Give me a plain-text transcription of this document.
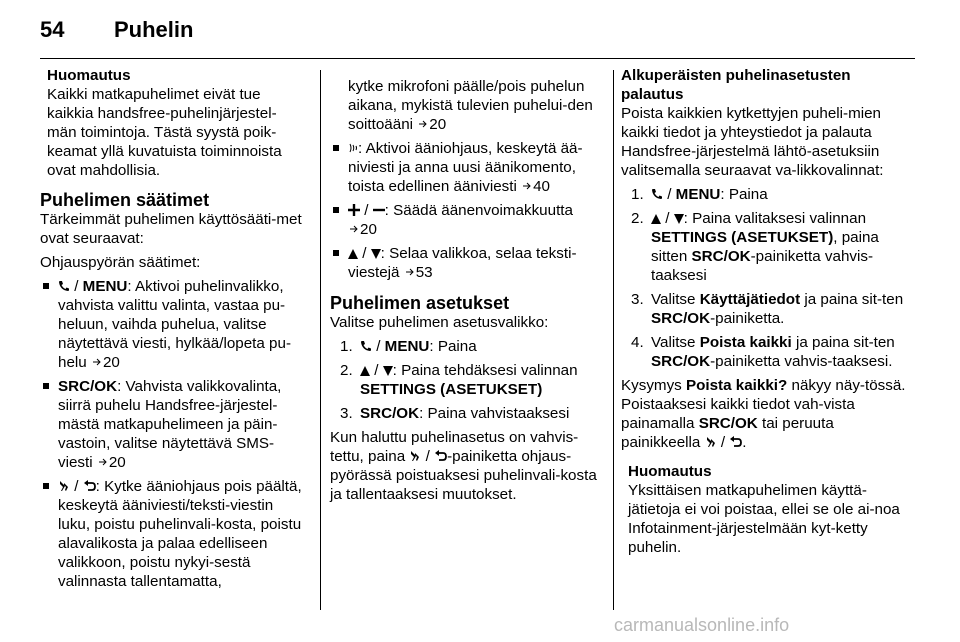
54 Puhelin
Huomautus
Kaikki matkapuhelimet eivät tue kaikkia handsfree-puhelinjärjestel-män toimintoja. Tästä syystä poik-keamat yllä kuvatuista toiminnoista ovat mahdollisia.
Puhelimen säätimet

Tärkeimmät puhelimen käyttösääti-met ovat seuraavat:

Ohjauspyörän säätimet:

/ MENU: Aktivoi puhelinvalikko, vahvista valittu valinta, vastaa pu-heluun, vaihda puhelua, valitse näytettävä viesti, hylkää/lopeta pu-helu 20
SRC/OK: Vahvista valikkovalinta, siirrä puhelu Handsfree-järjestel-mästä matkapuhelimeen ja päin-vastoin, valitse näytettävä SMS-viesti 20
/ : Kytke ääniohjaus pois päältä, keskeytä ääniviesti/teksti-viestin luku, poistu puhelinvali-kosta, poistu alavalikosta ja palaa edelliseen valikkoon, poistu nykyi-sestä valinnasta tallentamatta,
kytke mikrofoni päälle/pois puhelun aikana, mykistä tulevien puhelui-den soittoääni 20
: Aktivoi ääniohjaus, keskeytä ää-niviesti ja anna uusi äänikomento, toista edellinen ääniviesti 40
/ : Säädä äänenvoimakkuutta
20
/ : Selaa valikkoa, selaa teksti-viestejä 53
Puhelimen asetukset

Valitse puhelimen asetusvalikko:

1. / MENU: Paina
2. / : Paina tehdäksesi valinnan SETTINGS (ASETUKSET)
3. SRC/OK: Paina vahvistaaksesi

Kun haluttu puhelinasetus on vahvis-tettu, paina  / -painiketta ohjaus-pyörässä poistuaksesi puhelinvali-kosta ja tallentaaksesi muutokset.

Alkuperäisten puhelinasetusten palautus

Poista kaikkien kytkettyjen puheli-mien kaikki tiedot ja yhteystiedot ja palauta Handsfree-järjestelmä lähtö-asetuksiin valitsemalla seuraavat va-likkovalinnat:

1. / MENU: Paina
2. / : Paina valitaksesi valinnan SETTINGS (ASETUKSET), paina sitten SRC/OK-painiketta vahvis-taaksesi
3. Valitse Käyttäjätiedot ja paina sit-ten SRC/OK-painiketta.
4. Valitse Poista kaikki ja paina sit-ten SRC/OK-painiketta vahvis-taaksesi.

Kysymys Poista kaikki? näkyy näy-tössä. Poistaaksesi kaikki tiedot vah-vista painamalla SRC/OK tai peruuta painikkeella  / .

Huomautus
Yksittäisen matkapuhelimen käyttä-jätietoja ei voi poistaa, ellei se ole ai-noa Infotainment-järjestelmään kyt-ketty puhelin.
carmanualsonline.info
